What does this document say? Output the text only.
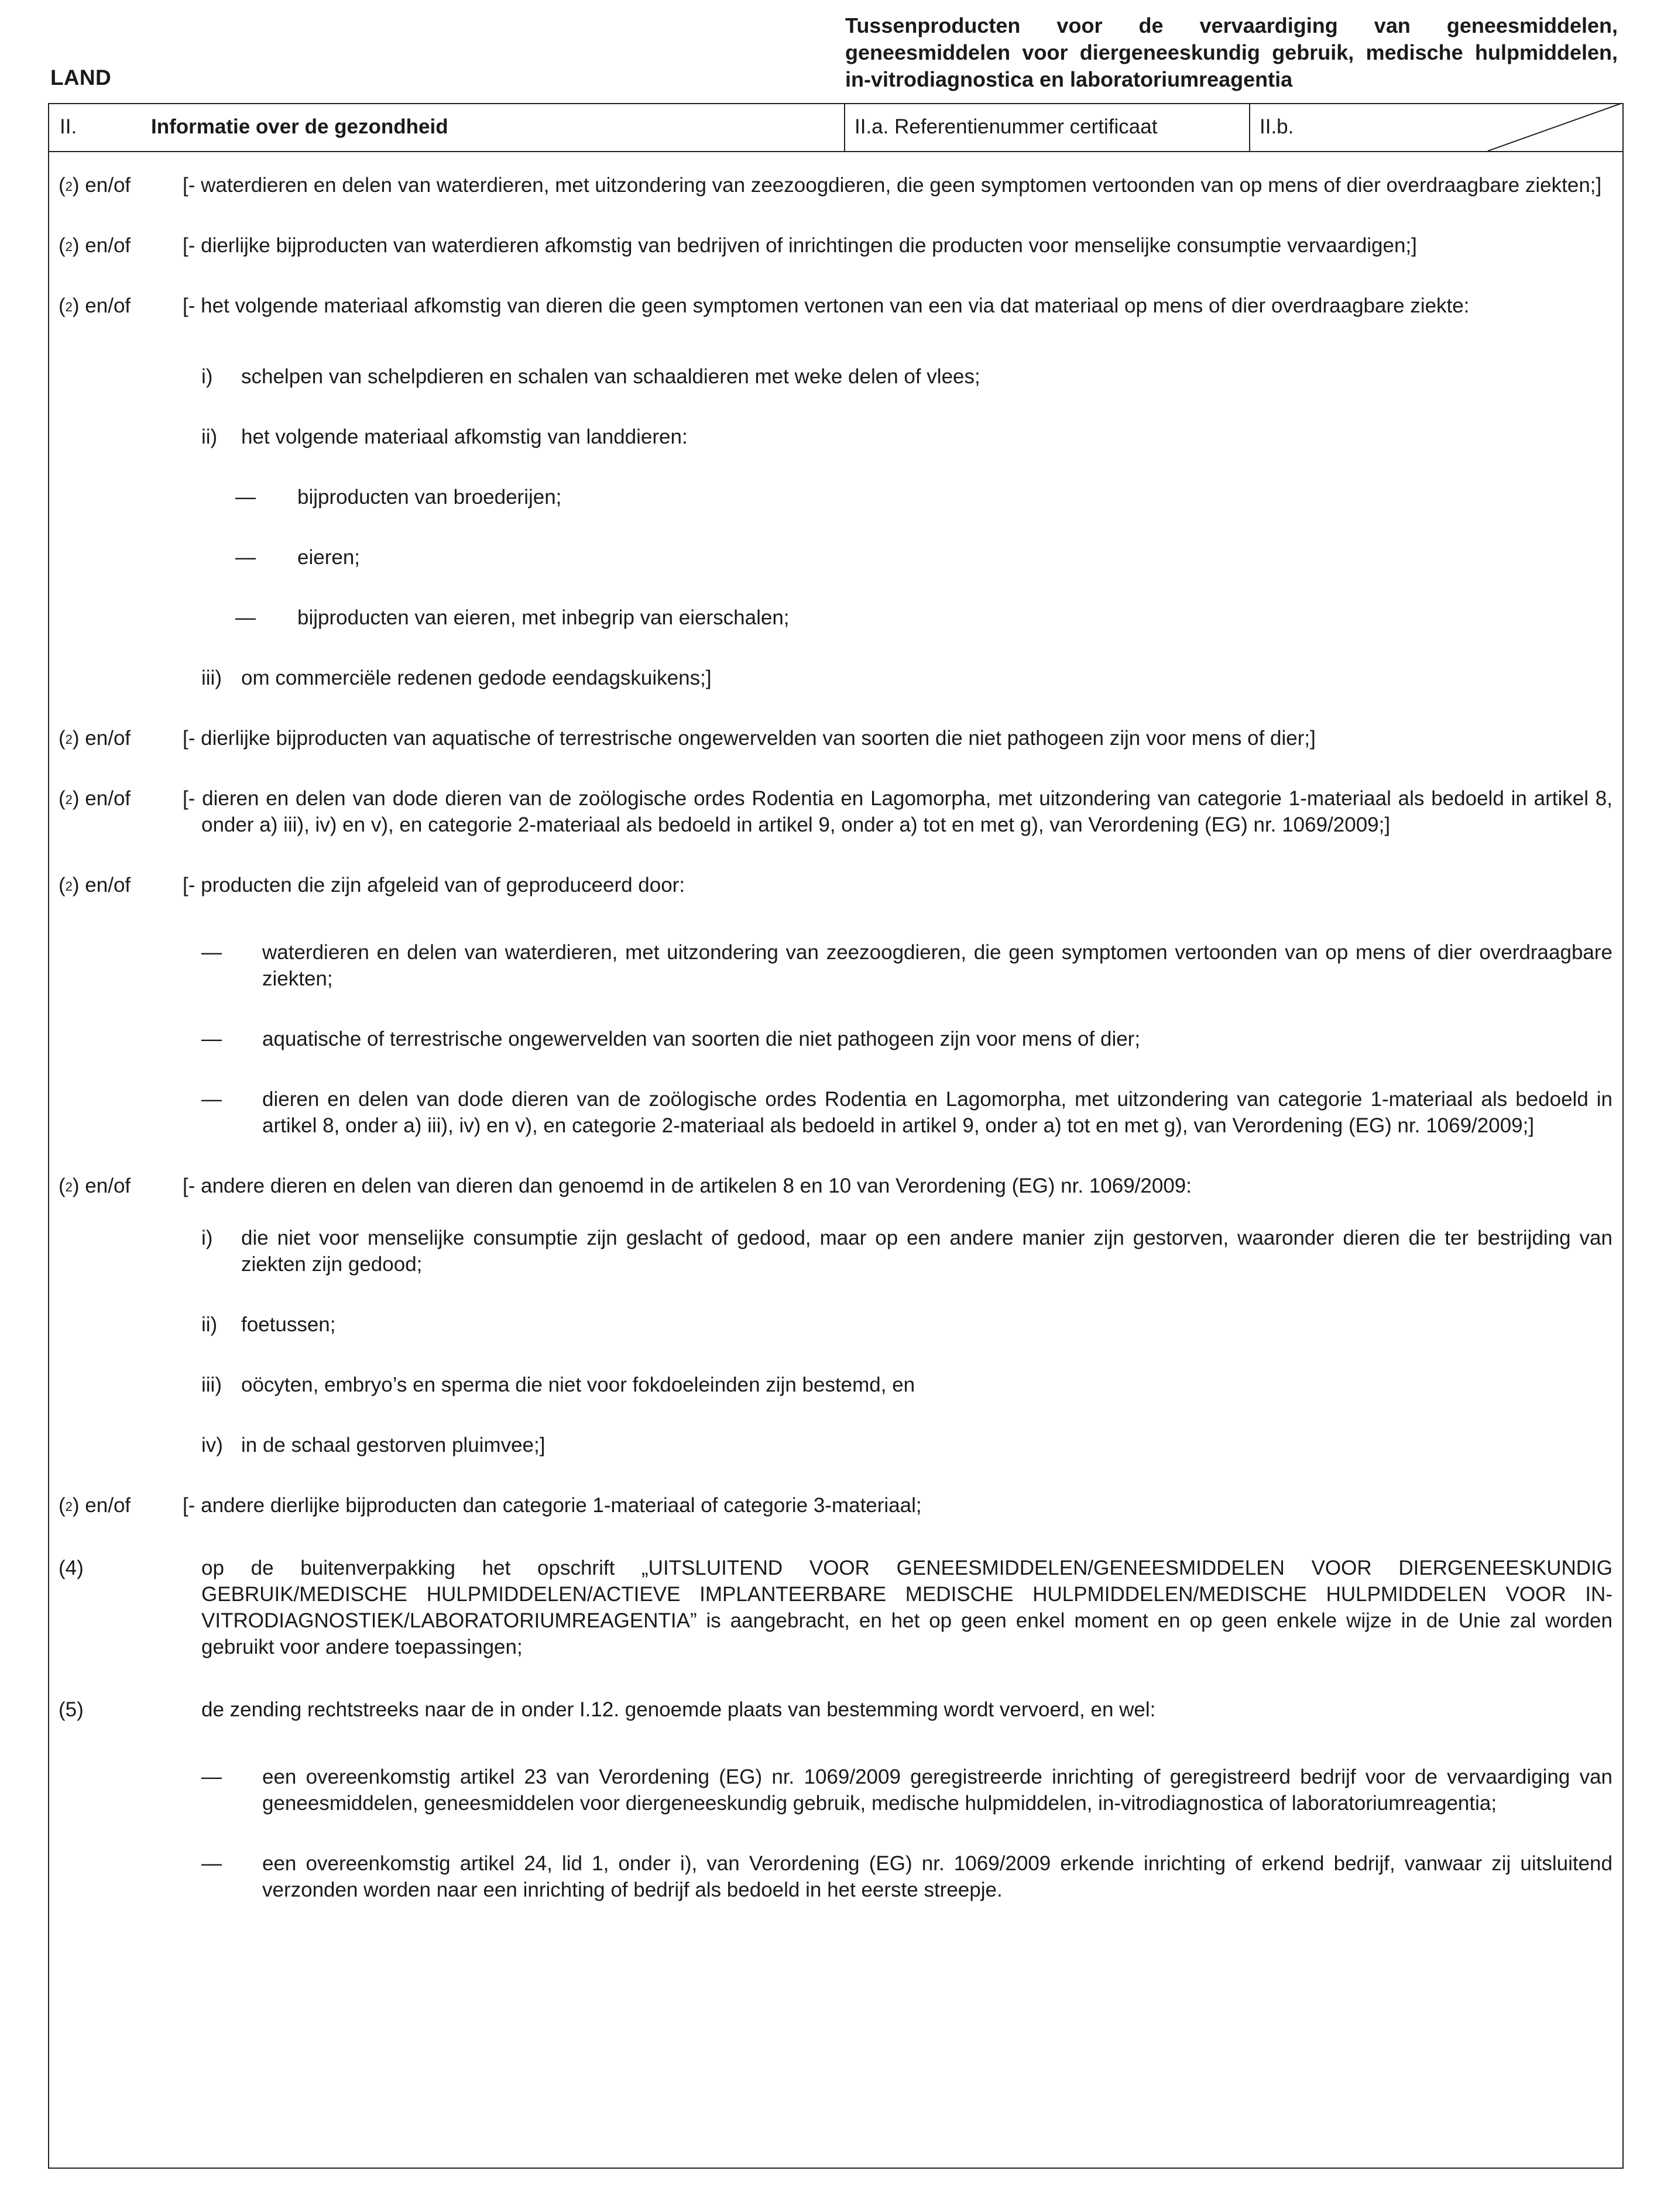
LAND
Tussenproducten voor de vervaardiging van geneesmiddelen, geneesmiddelen voor diergeneeskundig gebruik, medische hulpmiddelen, in-vitrodiagnostica en laboratoriumreagentia
II.	Informatie over de gezondheid	II.a. Referentienummer certificaat	II.b.
($^2$) en/of	[- waterdieren en delen van waterdieren, met uitzondering van zeezoogdieren, die geen symptomen vertoonden van op mens of dier overdraagbare ziekten;]
($^2$) en/of	[- dierlijke bijproducten van waterdieren afkomstig van bedrijven of inrichtingen die producten voor menselijke consumptie vervaardigen;]
($^2$) en/of	[- het volgende materiaal afkomstig van dieren die geen symptomen vertonen van een via dat materiaal op mens of dier overdraagbare ziekte:
i) schelpen van schelpdieren en schalen van schaaldieren met weke delen of vlees;
ii) het volgende materiaal afkomstig van landdieren:
— bijproducten van broederijen;
— eieren;
— bijproducten van eieren, met inbegrip van eierschalen;
iii) om commerciële redenen gedode eendagskuikens;]
($^2$) en/of	[- dierlijke bijproducten van aquatische of terrestrische ongewervelden van soorten die niet pathogeen zijn voor mens of dier;]
($^2$) en/of	[- dieren en delen van dode dieren van de zoölogische ordes Rodentia en Lagomorpha, met uitzondering van categorie 1-materiaal als bedoeld in artikel 8, onder a) iii), iv) en v), en categorie 2-materiaal als bedoeld in artikel 9, onder a) tot en met g), van Verordening (EG) nr. 1069/2009;]
($^2$) en/of	[- producten die zijn afgeleid van of geproduceerd door:
— waterdieren en delen van waterdieren, met uitzondering van zeezoogdieren, die geen symptomen vertoonden van op mens of dier overdraagbare ziekten;
— aquatische of terrestrische ongewervelden van soorten die niet pathogeen zijn voor mens of dier;
— dieren en delen van dode dieren van de zoölogische ordes Rodentia en Lagomorpha, met uitzondering van categorie 1-materiaal als bedoeld in artikel 8, onder a) iii), iv) en v), en categorie 2-materiaal als bedoeld in artikel 9, onder a) tot en met g), van Verordening (EG) nr. 1069/2009;]
($^2$) en/of	[- andere dieren en delen van dieren dan genoemd in de artikelen 8 en 10 van Verordening (EG) nr. 1069/2009:
i) die niet voor menselijke consumptie zijn geslacht of gedood, maar op een andere manier zijn gestorven, waaronder dieren die ter bestrijding van ziekten zijn gedood;
ii) foetussen;
iii) oöcyten, embryo’s en sperma die niet voor fokdoeleinden zijn bestemd, en
iv) in de schaal gestorven pluimvee;]
($^2$) en/of	[- andere dierlijke bijproducten dan categorie 1-materiaal of categorie 3-materiaal;
(4)	op de buitenverpakking het opschrift „UITSLUITEND VOOR GENEESMIDDELEN/GENEESMIDDELEN VOOR DIERGENEESKUNDIG GEBRUIK/MEDISCHE HULPMIDDELEN/ACTIEVE IMPLANTEERBARE MEDISCHE HULPMIDDELEN/MEDISCHE HULPMIDDELEN VOOR IN-VITRODIAGNOSTIEK/LABORATORIUMREAGENTIA” is aangebracht, en het op geen enkel moment en op geen enkele wijze in de Unie zal worden gebruikt voor andere toepassingen;
(5)	de zending rechtstreeks naar de in onder I.12. genoemde plaats van bestemming wordt vervoerd, en wel:
— een overeenkomstig artikel 23 van Verordening (EG) nr. 1069/2009 geregistreerde inrichting of geregistreerd bedrijf voor de vervaardiging van geneesmiddelen, geneesmiddelen voor diergeneeskundig gebruik, medische hulpmiddelen, in-vitrodiagnostica of laboratoriumreagentia;
— een overeenkomstig artikel 24, lid 1, onder i), van Verordening (EG) nr. 1069/2009 erkende inrichting of erkend bedrijf, vanwaar zij uitsluitend verzonden worden naar een inrichting of bedrijf als bedoeld in het eerste streepje.
